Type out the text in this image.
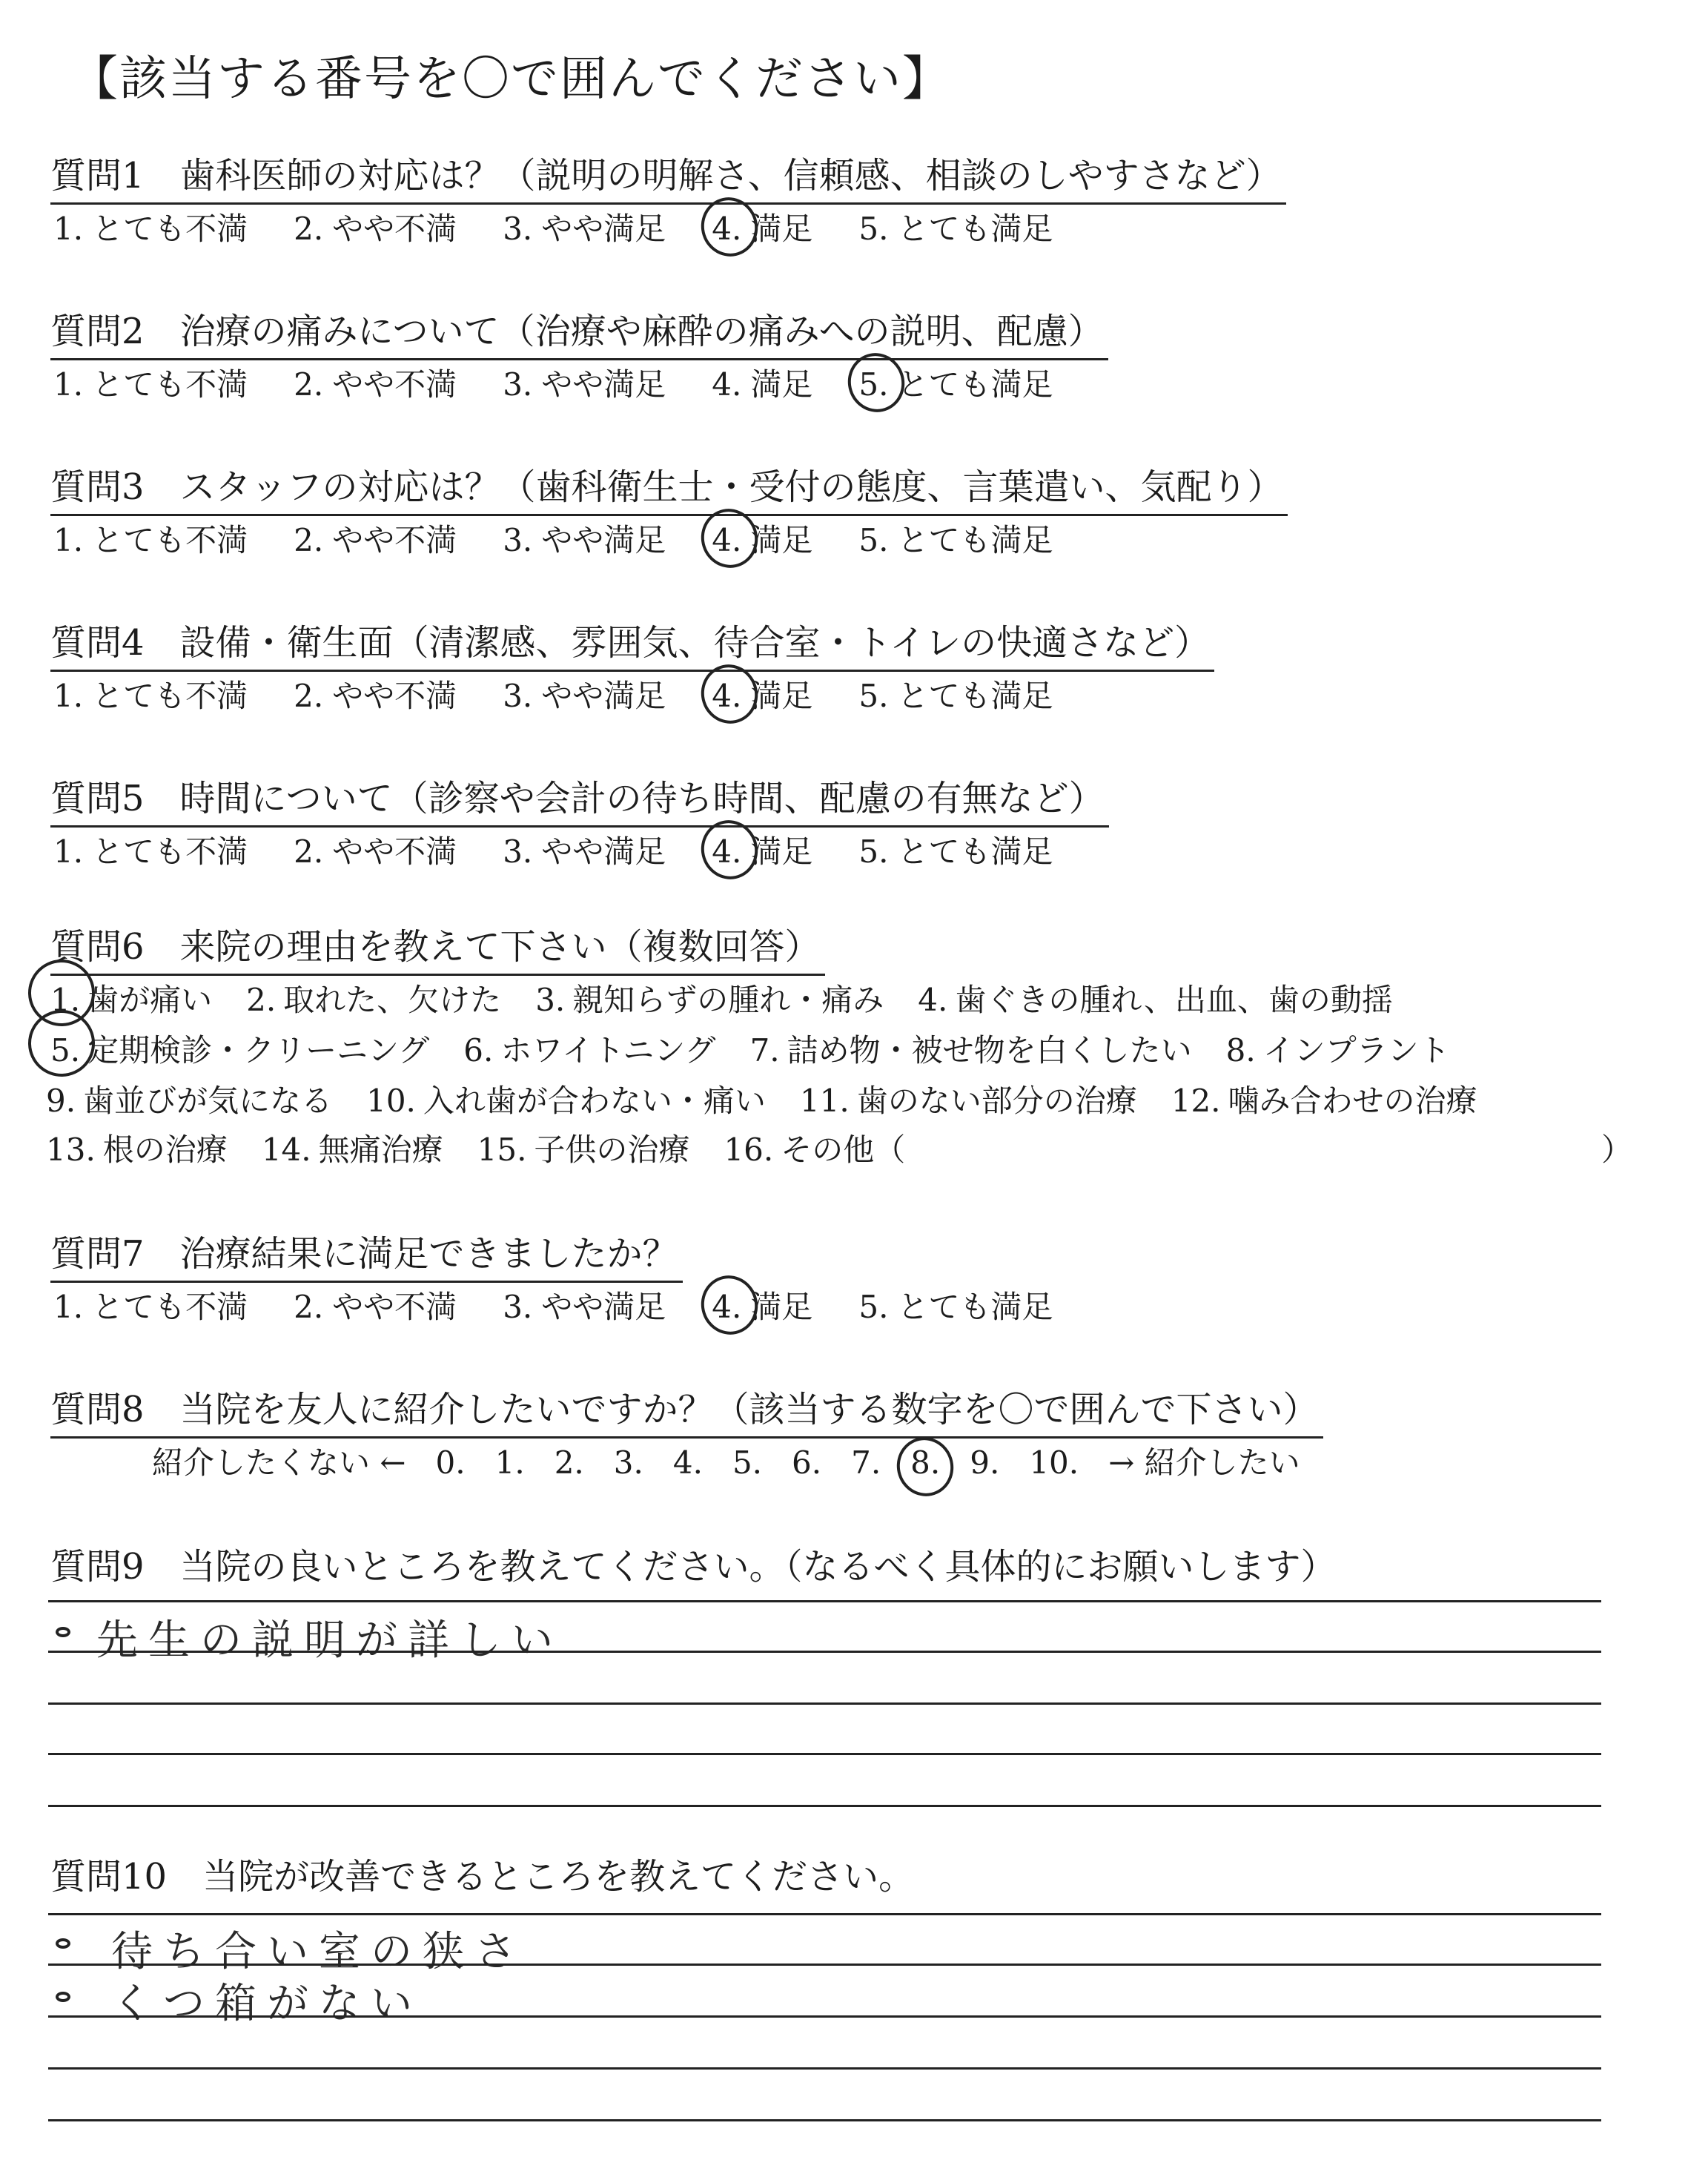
【該当する番号を〇で囲んでください】
質問1　歯科医師の対応は？（説明の明解さ、信頼感、相談のしやすさなど）
1. とても不満 2. やや不満 3. やや満足 4. 満足 5. とても満足
質問2　治療の痛みについて（治療や麻酔の痛みへの説明、配慮）
1. とても不満 2. やや不満 3. やや満足 4. 満足 5. とても満足
質問3　スタッフの対応は？（歯科衛生士・受付の態度、言葉遣い、気配り）
1. とても不満 2. やや不満 3. やや満足 4. 満足 5. とても満足
質問4　設備・衛生面（清潔感、雰囲気、待合室・トイレの快適さなど）
1. とても不満 2. やや不満 3. やや満足 4. 満足 5. とても満足
質問5　時間について（診察や会計の待ち時間、配慮の有無など）
1. とても不満 2. やや不満 3. やや満足 4. 満足 5. とても満足
質問6　来院の理由を教えて下さい（複数回答）
1. 歯が痛い 2. 取れた、欠けた 3. 親知らずの腫れ・痛み 4. 歯ぐきの腫れ、出血、歯の動揺
5. 定期検診・クリーニング 6. ホワイトニング 7. 詰め物・被せ物を白くしたい 8. インプラント
9. 歯並びが気になる 10. 入れ歯が合わない・痛い 11. 歯のない部分の治療 12. 噛み合わせの治療
13. 根の治療 14. 無痛治療 15. 子供の治療 16. その他（	）
質問7　治療結果に満足できましたか？
1. とても不満 2. やや不満 3. やや満足 4. 満足 5. とても満足
質問8　当院を友人に紹介したいですか？（該当する数字を〇で囲んで下さい）
紹介したくない ← 0. 1. 2. 3. 4. 5. 6. 7. 8. 9. 10. → 紹介したい
質問9　当院の良いところを教えてください。（なるべく具体的にお願いします）
先生の説明が詳しい
質問10　当院が改善できるところを教えてください。
待ち合い室の狭さ
くつ箱がない
